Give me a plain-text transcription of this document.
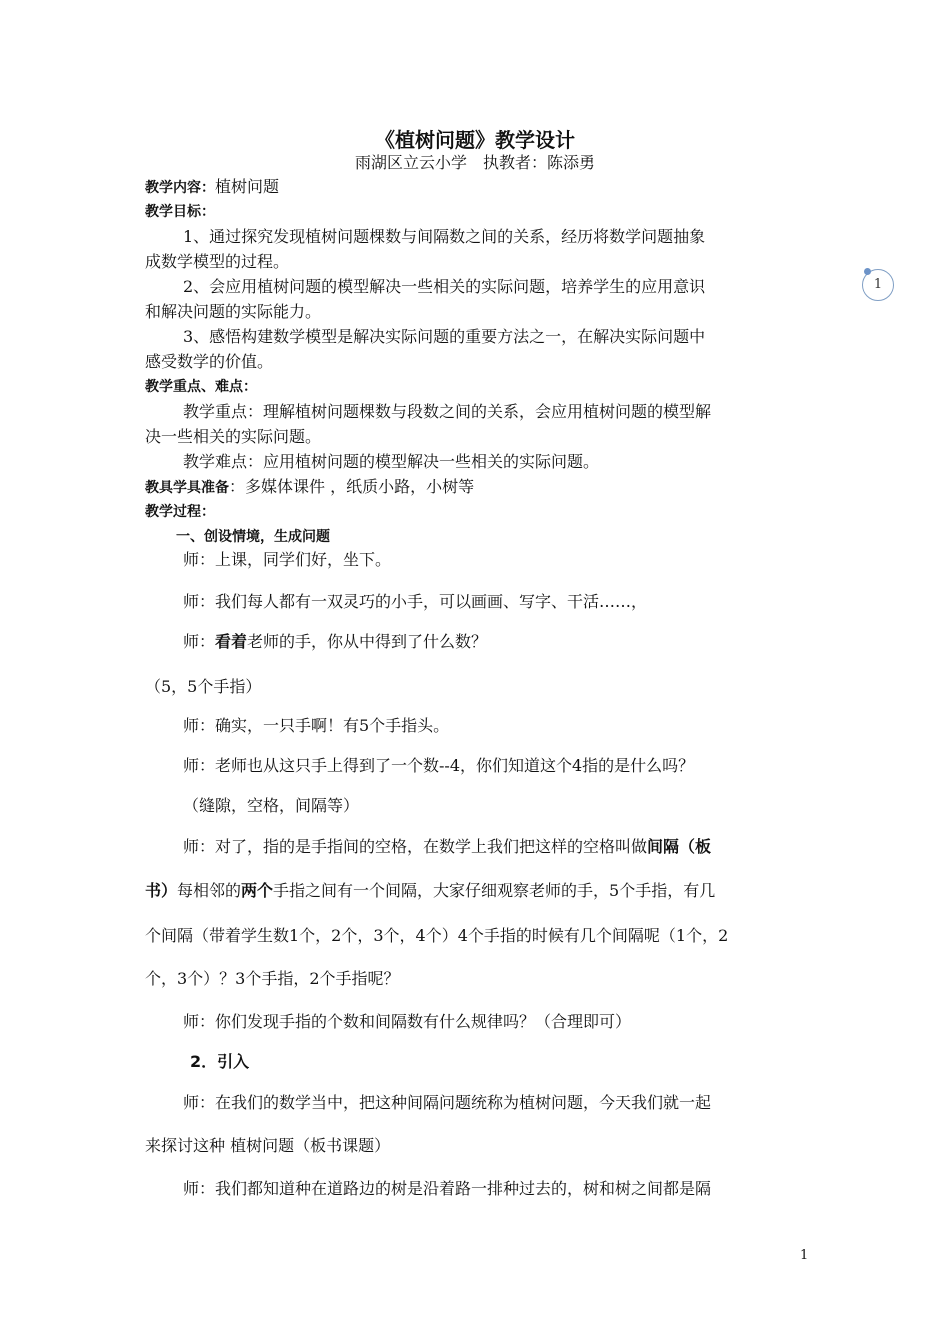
《植树问题》教学设计
雨湖区立云小学　执教者：陈添勇
教学内容：植树问题
教学目标：
1、通过探究发现植树问题棵数与间隔数之间的关系，经历将数学问题抽象
成数学模型的过程。
2、会应用植树问题的模型解决一些相关的实际问题，培养学生的应用意识
和解决问题的实际能力。
3、感悟构建数学模型是解决实际问题的重要方法之一，在解决实际问题中
感受数学的价值。
教学重点、难点：
教学重点：理解植树问题棵数与段数之间的关系，会应用植树问题的模型解
决一些相关的实际问题。
教学难点：应用植树问题的模型解决一些相关的实际问题。
教具学具准备：多媒体课件 ，纸质小路，小树等
教学过程：
一、创设情境，生成问题
师：上课，同学们好，坐下。
师：我们每人都有一双灵巧的小手，可以画画、写字、干活……，
师：看着老师的手，你从中得到了什么数？
（5，5个手指）
师：确实，一只手啊！有5个手指头。
师：老师也从这只手上得到了一个数--4，你们知道这个4指的是什么吗？
（缝隙，空格，间隔等）
师：对了，指的是手指间的空格，在数学上我们把这样的空格叫做间隔（板
书）每相邻的两个手指之间有一个间隔，大家仔细观察老师的手，5个手指，有几
个间隔（带着学生数1个，2个，3个，4个）4个手指的时候有几个间隔呢（1个，2
个，3个）？3个手指，2个手指呢？
师：你们发现手指的个数和间隔数有什么规律吗？（合理即可）
2．引入
师：在我们的数学当中，把这种间隔问题统称为植树问题，今天我们就一起
来探讨这种 植树问题（板书课题）
师：我们都知道种在道路边的树是沿着路一排种过去的，树和树之间都是隔
1
1
